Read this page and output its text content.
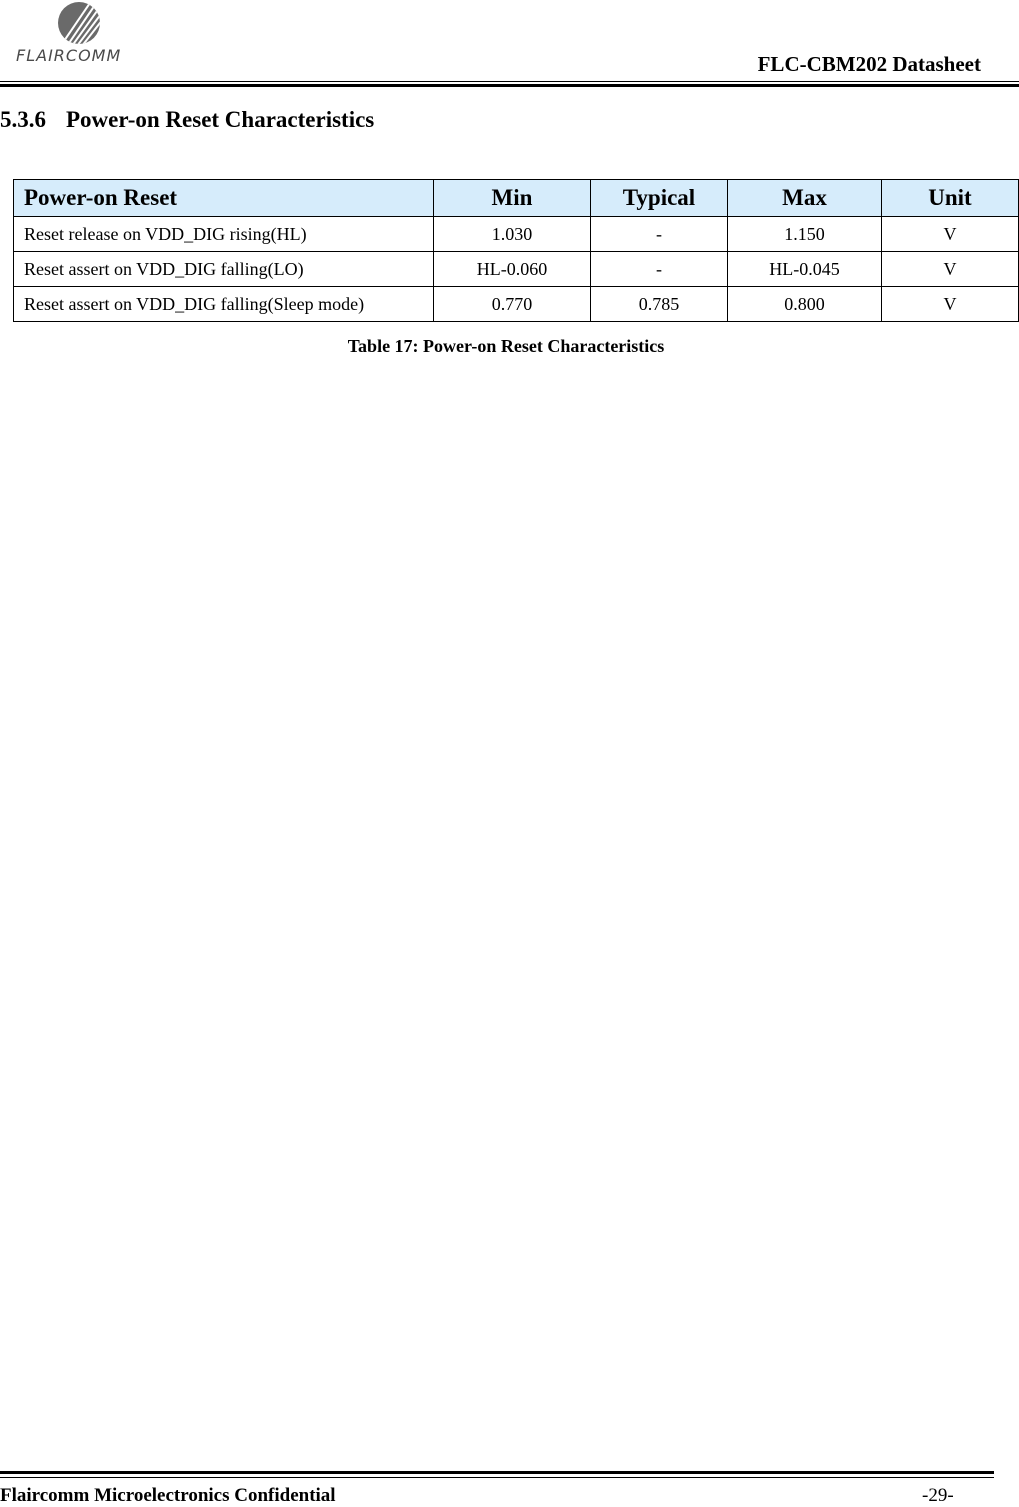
FLAIRCOMM	FLC-CBM202 Datasheet
5.3.6 Power-on Reset Characteristics
Power-on Reset	Min	Typical	Max	Unit
Reset release on VDD_DIG rising(HL)	1.030	-	1.150	V
Reset assert on VDD_DIG falling(LO)	HL-0.060	-	HL-0.045	V
Reset assert on VDD_DIG falling(Sleep mode)	0.770	0.785	0.800	V
Table 17: Power-on Reset Characteristics
Flaircomm Microelectronics Confidential	-29-
